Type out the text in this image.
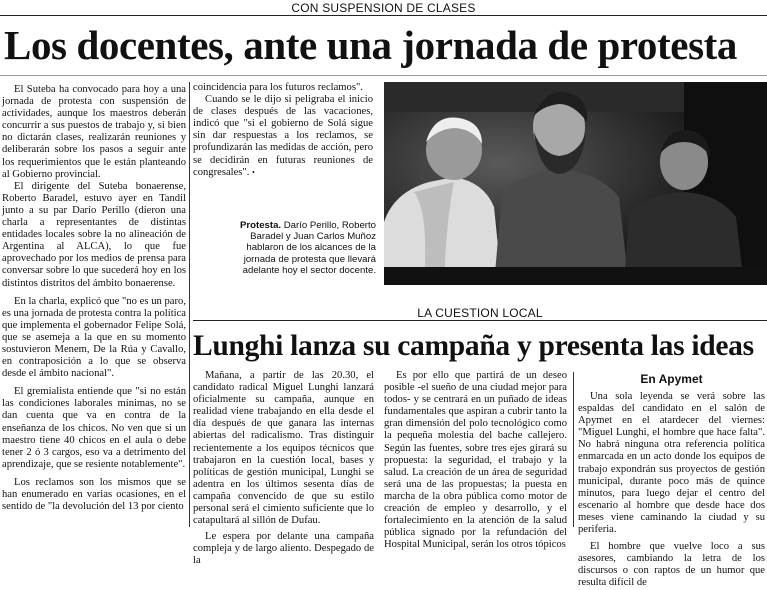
CON SUSPENSION DE CLASES
Los docentes, ante una jornada de protesta

El Suteba ha convocado para hoy a una jornada de protesta con suspensión de actividades, aunque los maestros deberán concurrir a sus puestos de trabajo y, si bien no dictarán clases, realizarán reuniones y deliberarán sobre los pasos a seguir ante los requerimientos que le están planteando al Gobierno provincial.

El dirigente del Suteba bonaerense, Roberto Baradel, estuvo ayer en Tandil junto a su par Darío Perillo (dieron una charla a representantes de distintas entidades locales sobre la no alineación de Argentina al ALCA), lo que fue aprovechado por los medios de prensa para conversar sobre lo que sucederá hoy en los distintos distritos del ámbito bonaerense.

En la charla, explicó que "no es un paro, es una jornada de protesta contra la política que implementa el gobernador Felipe Solá, que se asemeja a la que en su momento sostuvieron Menem, De la Rúa y Cavallo, en contraposición a lo que se observa desde el ámbito nacional".

El gremialista entiende que "si no están las condiciones laborales mínimas, no se dan cuenta que va en contra de la enseñanza de los chicos. No ven que si un maestro tiene 40 chicos en el aula o debe tener 2 ó 3 cargos, eso va a detrimento del aprendizaje, que se resiente notablemente".

Los reclamos son los mismos que se han enumerado en varias ocasiones, en el sentido de "la devolución del 13 por ciento

coincidencia para los futuros reclamos".

Cuando se le dijo si peligraba el inicio de clases después de las vacaciones, indicó que "si el gobierno de Solá sigue sin dar respuestas a los reclamos, se profundizarán las medidas de acción, pero se decidirán en futuras reuniones de congresales". •

Protesta. Darío Perillo, Roberto Baradel y Juan Carlos Muñoz hablaron de los alcances de la jornada de protesta que llevará adelante hoy el sector docente.
LA CUESTION LOCAL
Lunghi lanza su campaña y presenta las ideas

Mañana, a partir de las 20.30, el candidato radical Miguel Lunghi lanzará oficialmente su campaña, aunque en realidad viene trabajando en ella desde el día después de que ganara las internas abiertas del radicalismo. Tras distinguir recientemente a los equipos técnicos que trabajaron en la cuestión local, bases y políticas de gestión municipal, Lunghi se adentra en los últimos sesenta días de campaña convencido de que su estilo personal será el cimiento suficiente que lo catapultará al sillón de Dufau.

Le espera por delante una campaña compleja y de largo aliento. Despegado de la

Es por ello que partirá de un deseo posible -el sueño de una ciudad mejor para todos- y se centrará en un puñado de ideas fundamentales que aspiran a cubrir tanto la gran dimensión del polo tecnológico como la pequeña molestia del bache callejero. Según las fuentes, sobre tres ejes girará su propuesta: la seguridad, el trabajo y la salud. La creación de un área de seguridad será una de las propuestas; la puesta en marcha de la obra pública como motor de creación de empleo y desarrollo, y el fortalecimiento en la atención de la salud pública signado por la refundación del Hospital Municipal, serán los otros tópicos

En Apymet

Una sola leyenda se verá sobre las espaldas del candidato en el salón de Apymet en el atardecer del viernes: "Miguel Lunghi, el hombre que hace falta". No habrá ninguna otra referencia política enmarcada en un acto donde los equipos de trabajo expondrán sus proyectos de gestión municipal, durante poco más de quince minutos, para luego dejar el centro del escenario al hombre que desde hace dos meses viene caminando la ciudad y su periferia.

El hombre que vuelve loco a sus asesores, cambiando la letra de los discursos o con raptos de un humor que resulta difícil de
